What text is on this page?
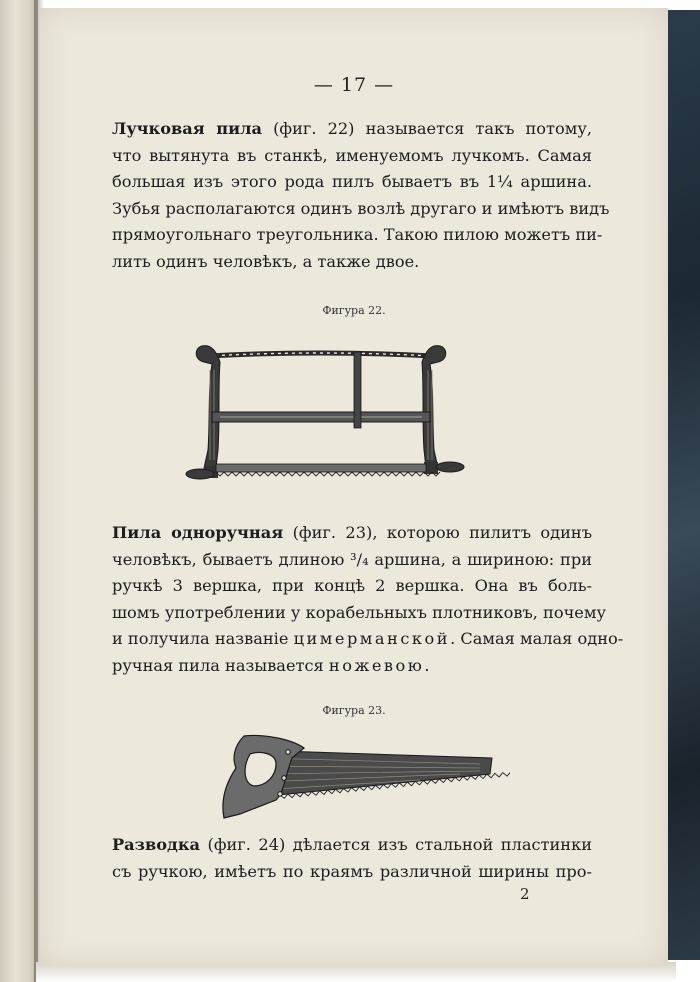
— 17 —
Лучковая пила (фиг. 22) называется такъ потому,
что вытянута въ станкѣ, именуемомъ лучкомъ. Самая
большая изъ этого рода пилъ бываетъ въ 1¼ аршина.
Зубья располагаются одинъ возлѣ другаго и имѣютъ видъ
прямоугольнаго треугольника. Такою пилою можетъ пи-
лить одинъ человѣкъ, а также двое.
Фигура 22.
Пила одноручная (фиг. 23), которою пилитъ одинъ
человѣкъ, бываетъ длиною ³/₄ аршина, а шириною: при
ручкѣ 3 вершка, при концѣ 2 вершка. Она въ боль-
шомъ употреблении у корабельныхъ плотниковъ, почему
и получила названіе цимерманской. Самая малая одно-
ручная пила называется ножевою.
Фигура 23.
Разводка (фиг. 24) дѣлается изъ стальной пластинки
съ ручкою, имѣетъ по краямъ различной ширины про-
2
